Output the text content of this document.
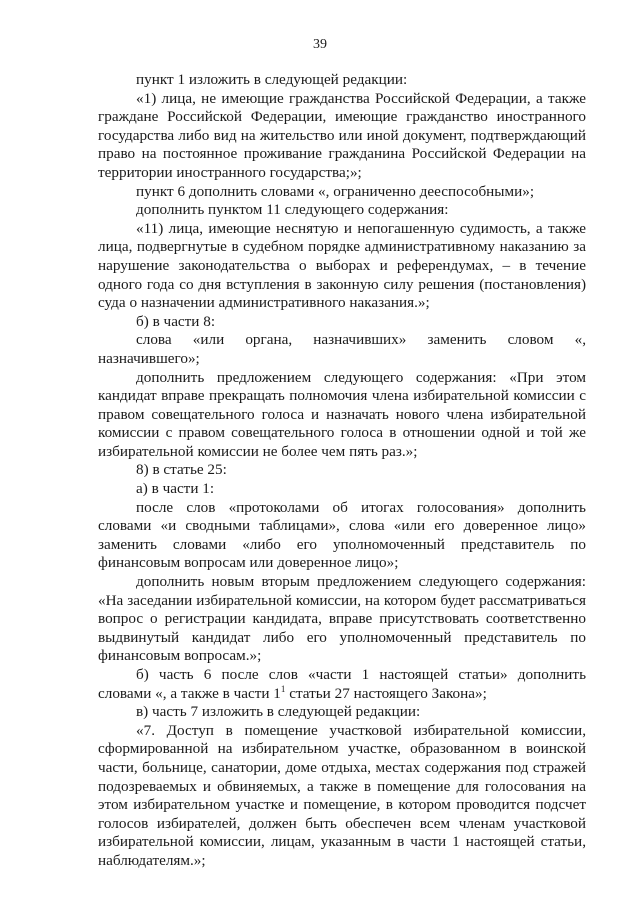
39

пункт 1 изложить в следующей редакции:

«1) лица, не имеющие гражданства Российской Федерации, а также граждане Российской Федерации, имеющие гражданство иностранного государства либо вид на жительство или иной документ, подтверждающий право на постоянное проживание гражданина Российской Федерации на территории иностранного государства;»;

пункт 6 дополнить словами «, ограниченно дееспособными»;

дополнить пунктом 11 следующего содержания:

«11) лица, имеющие неснятую и непогашенную судимость, а также лица, подвергнутые в судебном порядке административному наказанию за нарушение законодательства о выборах и референдумах, – в течение одного года со дня вступления в законную силу решения (постановления) суда о назначении административного наказания.»;

б) в части 8:

слова «или органа, назначивших» заменить словом «, назначившего»;

дополнить предложением следующего содержания: «При этом кандидат вправе прекращать полномочия члена избирательной комиссии с правом совещательного голоса и назначать нового члена избирательной комиссии с правом совещательного голоса в отношении одной и той же избирательной комиссии не более чем пять раз.»;

8) в статье 25:

а) в части 1:

после слов «протоколами об итогах голосования» дополнить словами «и сводными таблицами», слова «или его доверенное лицо» заменить словами «либо его уполномоченный представитель по финансовым вопросам или доверенное лицо»;

дополнить новым вторым предложением следующего содержания: «На заседании избирательной комиссии, на котором будет рассматриваться вопрос о регистрации кандидата, вправе присутствовать соответственно выдвинутый кандидат либо его уполномоченный представитель по финансовым вопросам.»;

б) часть 6 после слов «части 1 настоящей статьи» дополнить словами «, а также в части $1^1$ статьи 27 настоящего Закона»;

в) часть 7 изложить в следующей редакции:

«7. Доступ в помещение участковой избирательной комиссии, сформированной на избирательном участке, образованном в воинской части, больнице, санатории, доме отдыха, местах содержания под стражей подозреваемых и обвиняемых, а также в помещение для голосования на этом избирательном участке и помещение, в котором проводится подсчет голосов избирателей, должен быть обеспечен всем членам участковой избирательной комиссии, лицам, указанным в части 1 настоящей статьи, наблюдателям.»;
